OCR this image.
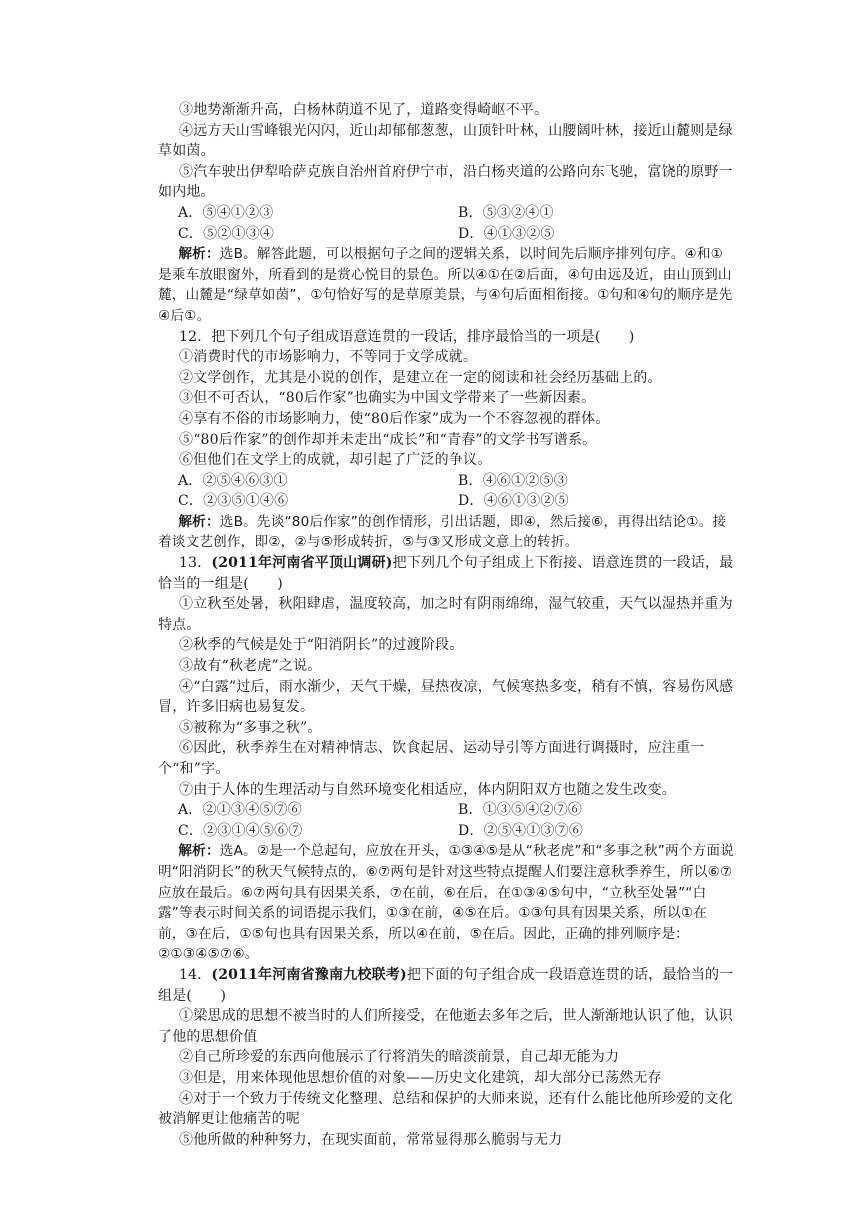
③地势渐渐升高，白杨林荫道不见了，道路变得崎岖不平。

④远方天山雪峰银光闪闪，近山却郁郁葱葱，山顶针叶林，山腰阔叶林，接近山麓则是绿草如茵。

⑤汽车驶出伊犁哈萨克族自治州首府伊宁市，沿白杨夹道的公路向东飞驰，富饶的原野一如内地。

A．⑤④①②③	B．⑤③②④①
C．⑤②①③④	D．④①③②⑤

解析：选B。解答此题，可以根据句子之间的逻辑关系，以时间先后顺序排列句序。④和①是乘车放眼窗外，所看到的是赏心悦目的景色。所以④①在②后面，④句由远及近，由山顶到山麓，山麓是“绿草如茵”，①句恰好写的是草原美景，与④句后面相衔接。①句和④句的顺序是先④后①。

12．把下列几个句子组成语意连贯的一段话，排序最恰当的一项是(　　)

①消费时代的市场影响力，不等同于文学成就。

②文学创作，尤其是小说的创作，是建立在一定的阅读和社会经历基础上的。

③但不可否认，“80后作家”也确实为中国文学带来了一些新因素。

④享有不俗的市场影响力，使“80后作家”成为一个不容忽视的群体。

⑤“80后作家”的创作却并未走出“成长”和“青春”的文学书写谱系。

⑥但他们在文学上的成就，却引起了广泛的争议。

A．②⑤④⑥③①	B．④⑥①②⑤③
C．②③⑤①④⑥	D．④⑥①③②⑤

解析：选B。先谈“80后作家”的创作情形，引出话题，即④，然后接⑥，再得出结论①。接着谈文艺创作，即②，②与⑤形成转折，⑤与③又形成文意上的转折。

13．(2011年河南省平顶山调研)把下列几个句子组成上下衔接、语意连贯的一段话，最恰当的一组是(　　)

①立秋至处暑，秋阳肆虐，温度较高，加之时有阴雨绵绵，湿气较重，天气以湿热并重为特点。

②秋季的气候是处于“阳消阴长”的过渡阶段。

③故有“秋老虎”之说。

④“白露”过后，雨水渐少，天气干燥，昼热夜凉，气候寒热多变，稍有不慎，容易伤风感冒，许多旧病也易复发。

⑤被称为“多事之秋”。

⑥因此，秋季养生在对精神情志、饮食起居、运动导引等方面进行调摄时，应注重一个“和”字。

⑦由于人体的生理活动与自然环境变化相适应，体内阴阳双方也随之发生改变。

A．②①③④⑤⑦⑥	B．①③⑤④②⑦⑥
C．②③①④⑤⑥⑦	D．②⑤④①③⑦⑥

解析：选A。②是一个总起句，应放在开头，①③④⑤是从“秋老虎”和“多事之秋”两个方面说明“阳消阴长”的秋天气候特点的，⑥⑦两句是针对这些特点提醒人们要注意秋季养生，所以⑥⑦应放在最后。⑥⑦两句具有因果关系，⑦在前，⑥在后，在①③④⑤句中，“立秋至处暑”“白露”等表示时间关系的词语提示我们，①③在前，④⑤在后。①③句具有因果关系，所以①在前，③在后，①⑤句也具有因果关系，所以④在前，⑤在后。因此，正确的排列顺序是：②①③④⑤⑦⑥。

14．(2011年河南省豫南九校联考)把下面的句子组合成一段语意连贯的话，最恰当的一组是(　　)

①梁思成的思想不被当时的人们所接受，在他逝去多年之后，世人渐渐地认识了他，认识了他的思想价值

②自己所珍爱的东西向他展示了行将消失的暗淡前景，自己却无能为力

③但是，用来体现他思想价值的对象——历史文化建筑，却大部分已荡然无存

④对于一个致力于传统文化整理、总结和保护的大师来说，还有什么能比他所珍爱的文化被消解更让他痛苦的呢

⑤他所做的种种努力，在现实面前，常常显得那么脆弱与无力
